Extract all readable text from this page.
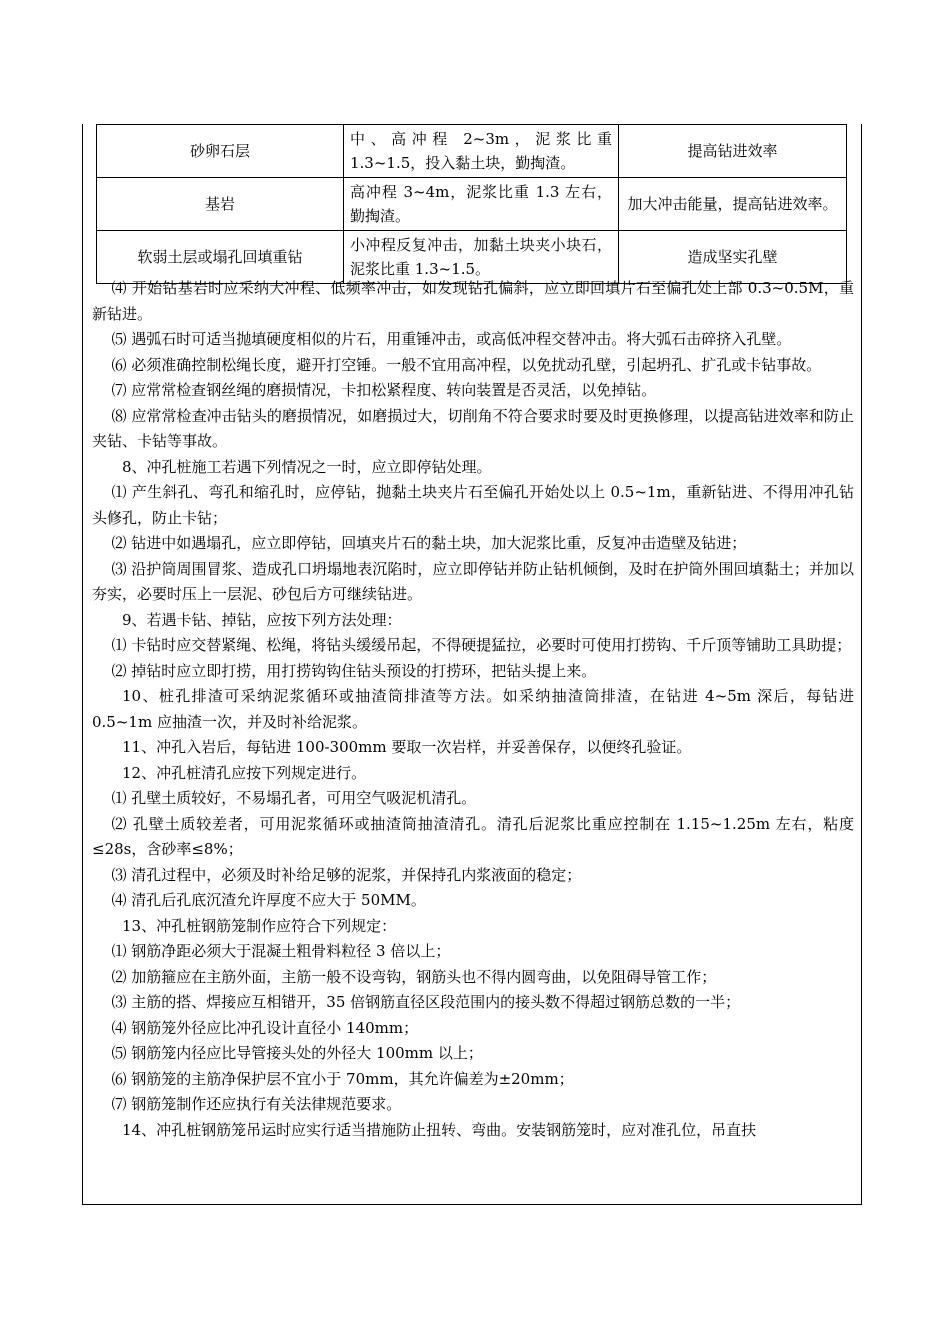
砂卵石层	中、高冲程 2~3m，泥浆比重 1.3~1.5，投入黏土块，勤掏渣。	提高钻进效率
基岩	高冲程 3~4m，泥浆比重 1.3 左右，勤掏渣。	加大冲击能量，提高钻进效率。
软弱土层或塌孔回填重钻	小冲程反复冲击，加黏土块夹小块石，泥浆比重 1.3~1.5。	造成坚实孔壁

⑷ 开始钻基岩时应采纳大冲程、低频率冲击，如发现钻孔偏斜，应立即回填片石至偏孔处上部 0.3~0.5M，重新钻进。

⑸ 遇弧石时可适当抛填硬度相似的片石，用重锤冲击，或高低冲程交替冲击。将大弧石击碎挤入孔壁。

⑹ 必须准确控制松绳长度，避开打空锤。一般不宜用高冲程，以免扰动孔壁，引起坍孔、扩孔或卡钻事故。

⑺ 应常常检查钢丝绳的磨损情况，卡扣松紧程度、转向装置是否灵活，以免掉钻。

⑻ 应常常检查冲击钻头的磨损情况，如磨损过大，切削角不符合要求时要及时更换修理，以提高钻进效率和防止夹钻、卡钻等事故。

8、冲孔桩施工若遇下列情况之一时，应立即停钻处理。

⑴ 产生斜孔、弯孔和缩孔时，应停钻，抛黏土块夹片石至偏孔开始处以上 0.5~1m，重新钻进、不得用冲孔钻头修孔，防止卡钻；

⑵ 钻进中如遇塌孔，应立即停钻，回填夹片石的黏土块，加大泥浆比重，反复冲击造壁及钻进；

⑶ 沿护筒周围冒浆、造成孔口坍塌地表沉陷时，应立即停钻并防止钻机倾倒，及时在护筒外围回填黏土；并加以夯实，必要时压上一层泥、砂包后方可继续钻进。

9、若遇卡钻、掉钻，应按下列方法处理：

⑴ 卡钻时应交替紧绳、松绳，将钻头缓缓吊起，不得硬提猛拉，必要时可使用打捞钩、千斤顶等铺助工具助提；

⑵ 掉钻时应立即打捞，用打捞钩钩住钻头预设的打捞环，把钻头提上来。

10、桩孔排渣可采纳泥浆循环或抽渣筒排渣等方法。如采纳抽渣筒排渣，在钻进 4~5m 深后，每钻进 0.5~1m 应抽渣一次，并及时补给泥浆。

11、冲孔入岩后，每钻进 100-300mm 要取一次岩样，并妥善保存，以便终孔验证。

12、冲孔桩清孔应按下列规定进行。

⑴ 孔壁土质较好，不易塌孔者，可用空气吸泥机清孔。

⑵ 孔壁土质较差者，可用泥浆循环或抽渣筒抽渣清孔。清孔后泥浆比重应控制在 1.15~1.25m 左右，粘度≤28s，含砂率≤8%；

⑶ 清孔过程中，必须及时补给足够的泥浆，并保持孔内浆液面的稳定；

⑷ 清孔后孔底沉渣允许厚度不应大于 50MM。

13、冲孔桩钢筋笼制作应符合下列规定：

⑴ 钢筋净距必须大于混凝土粗骨料粒径 3 倍以上；

⑵ 加筋箍应在主筋外面，主筋一般不设弯钩，钢筋头也不得内圆弯曲，以免阻碍导管工作；

⑶ 主筋的搭、焊接应互相错开，35 倍钢筋直径区段范围内的接头数不得超过钢筋总数的一半；

⑷ 钢筋笼外径应比冲孔设计直径小 140mm；

⑸ 钢筋笼内径应比导管接头处的外径大 100mm 以上；

⑹ 钢筋笼的主筋净保护层不宜小于 70mm，其允许偏差为±20mm；

⑺ 钢筋笼制作还应执行有关法律规范要求。

14、冲孔桩钢筋笼吊运时应实行适当措施防止扭转、弯曲。安装钢筋笼时，应对准孔位，吊直扶
